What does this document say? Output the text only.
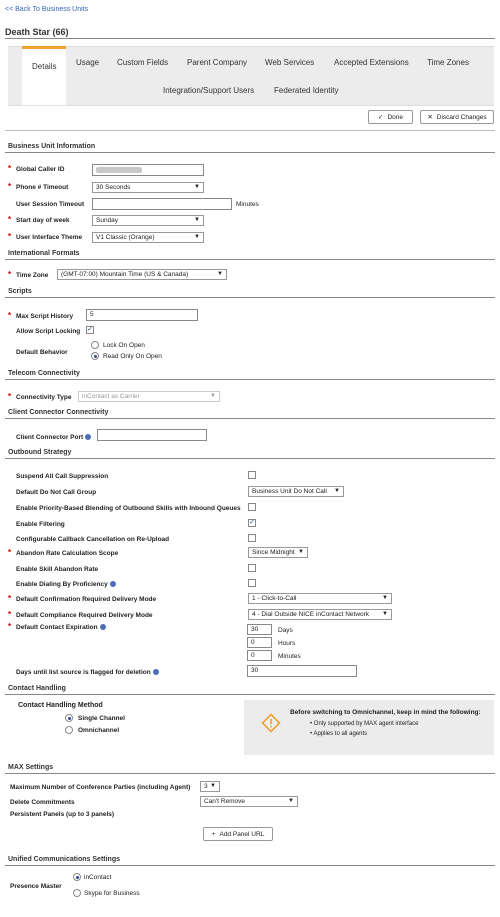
<< Back To Business Units
Death Star (66)
Details	Usage Custom Fields Parent Company Web Services Accepted Extensions Time Zones
Integration/Support Users Federated Identity
✓ Done	✕ Discard Changes
Business Unit Information
* Global Caller ID
* Phone # Timeout	30 Seconds	▼
User Session Timeout	Minutes
* Start day of week	Sunday	▼
* User Interface Theme	V1 Classic (Orange)	▼
International Formats
* Time Zone	(GMT-07:00) Mountain Time (US & Canada)	▼
Scripts
* Max Script History	5
Allow Script Locking ✓
Default Behavior
Lock On Open
Read Only On Open
Telecom Connectivity
* Connectivity Type	inContact as Carrier	▼
Client Connector Connectivity
Client Connector Port
Outbound Strategy
Suspend All Call Suppression
Default Do Not Call Group	Business Unit Do Not Call ▼
Enable Priority-Based Blending of Outbound Skills with Inbound Queues
Enable Filtering	✓
Configurable Callback Cancellation on Re-Upload
* Abandon Rate Calculation Scope	Since Midnight ▼
Enable Skill Abandon Rate
Enable Dialing By Proficiency
* Default Confirmation Required Delivery Mode	1 - Click-to-Call	▼
* Default Compliance Required Delivery Mode	4 - Dial Outside NICE inContact Network ▼
* Default Contact Expiration	30	Days
0	Hours
0	Minutes
Days until list source is flagged for deletion	30
Contact Handling
Contact Handling Method
Single Channel
Omnichannel
Before switching to Omnichannel, keep in mind the following:
• Only supported by MAX agent interface
• Applies to all agents
MAX Settings
Maximum Number of Conference Parties (including Agent)	3 ▼
Delete Commitments	Can't Remove	▼
Persistent Panels (up to 3 panels)
+ Add Panel URL
Unified Communications Settings
Presence Master
inContact
Skype for Business
